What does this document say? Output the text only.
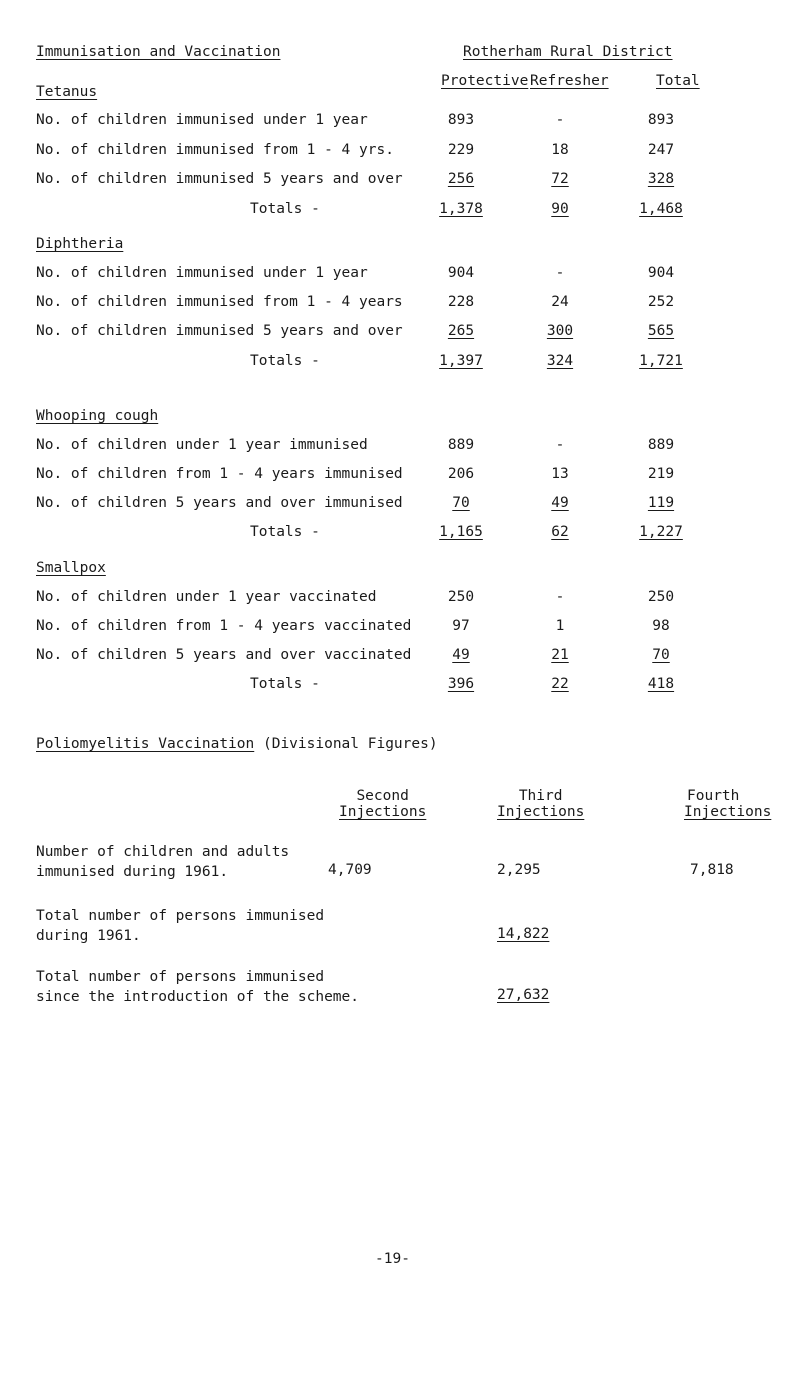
Immunisation and Vaccination	Rotherham Rural District
Protective Refresher	Total
Tetanus
No. of children immunised under 1 year	893	-	893
No. of children immunised from 1 - 4 yrs.	229	18	247
No. of children immunised 5 years and over	256	72	328
Totals -	1,378	90	1,468
Diphtheria
No. of children immunised under 1 year	904	-	904
No. of children immunised from 1 - 4 years	228	24	252
No. of children immunised 5 years and over	265	300	565
Totals -	1,397	324	1,721
Whooping cough
No. of children under 1 year immunised	889	-	889
No. of children from 1 - 4 years immunised	206	13	219
No. of children 5 years and over immunised	70	49	119
Totals -	1,165	62	1,227
Smallpox
No. of children under 1 year vaccinated	250	-	250
No. of children from 1 - 4 years vaccinated	97	1	98
No. of children 5 years and over vaccinated	49	21	70
Totals -	396	22	418
Poliomyelitis Vaccination (Divisional Figures)
Second
Injections
Third
Injections
Fourth
Injections
Number of children and adults
immunised during 1961.	4,709	2,295	7,818
Total number of persons immunised
during 1961.	14,822
Total number of persons immunised
since the introduction of the scheme.	27,632
-19-
